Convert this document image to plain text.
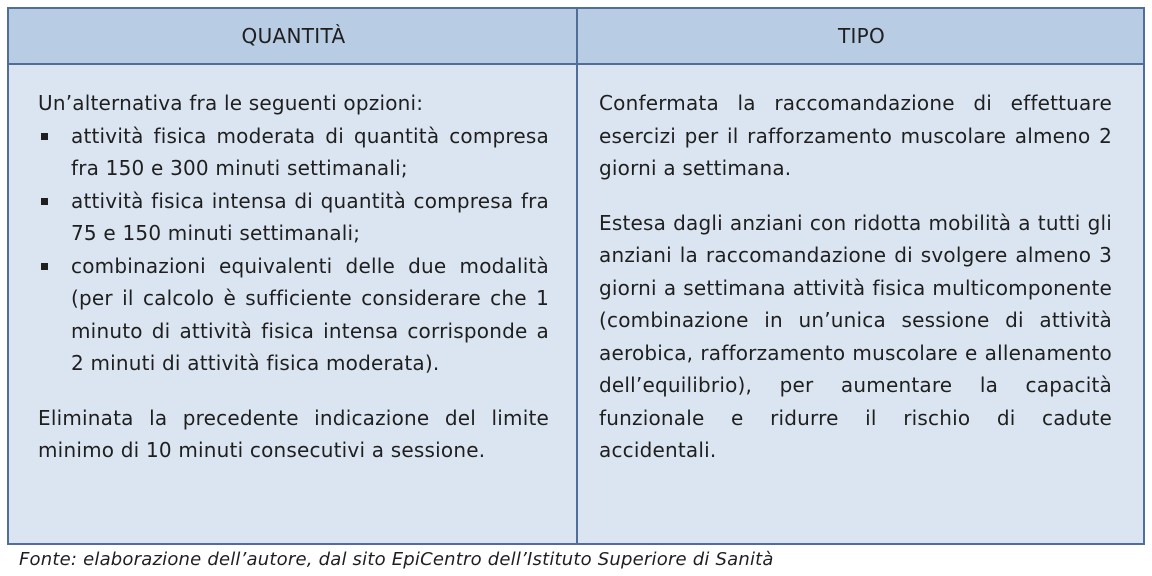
QUANTITÀ	TIPO

Un’alternativa fra le seguenti opzioni:

attività fisica moderata di quantità compresa fra 150 e 300 minuti settimanali;
attività fisica intensa di quantità compresa fra 75 e 150 minuti settimanali;
combinazioni equivalenti delle due modalità (per il calcolo è sufficiente considerare che 1 minuto di attività fisica intensa corrisponde a 2 minuti di attività fisica moderata).

Eliminata la precedente indicazione del limite minimo di 10 minuti consecutivi a sessione.

Confermata la raccomandazione di effettuare esercizi per il rafforzamento muscolare almeno 2 giorni a settimana.

Estesa dagli anziani con ridotta mobilità a tutti gli anziani la raccomandazione di svolgere almeno 3 giorni a settimana attività fisica multicomponente (combinazione in un’unica sessione di attività aerobica, rafforzamento muscolare e allenamento dell’equilibrio), per aumentare la capacità funzionale e ridurre il rischio di cadute accidentali.

Fonte: elaborazione dell’autore, dal sito EpiCentro dell’Istituto Superiore di Sanità
